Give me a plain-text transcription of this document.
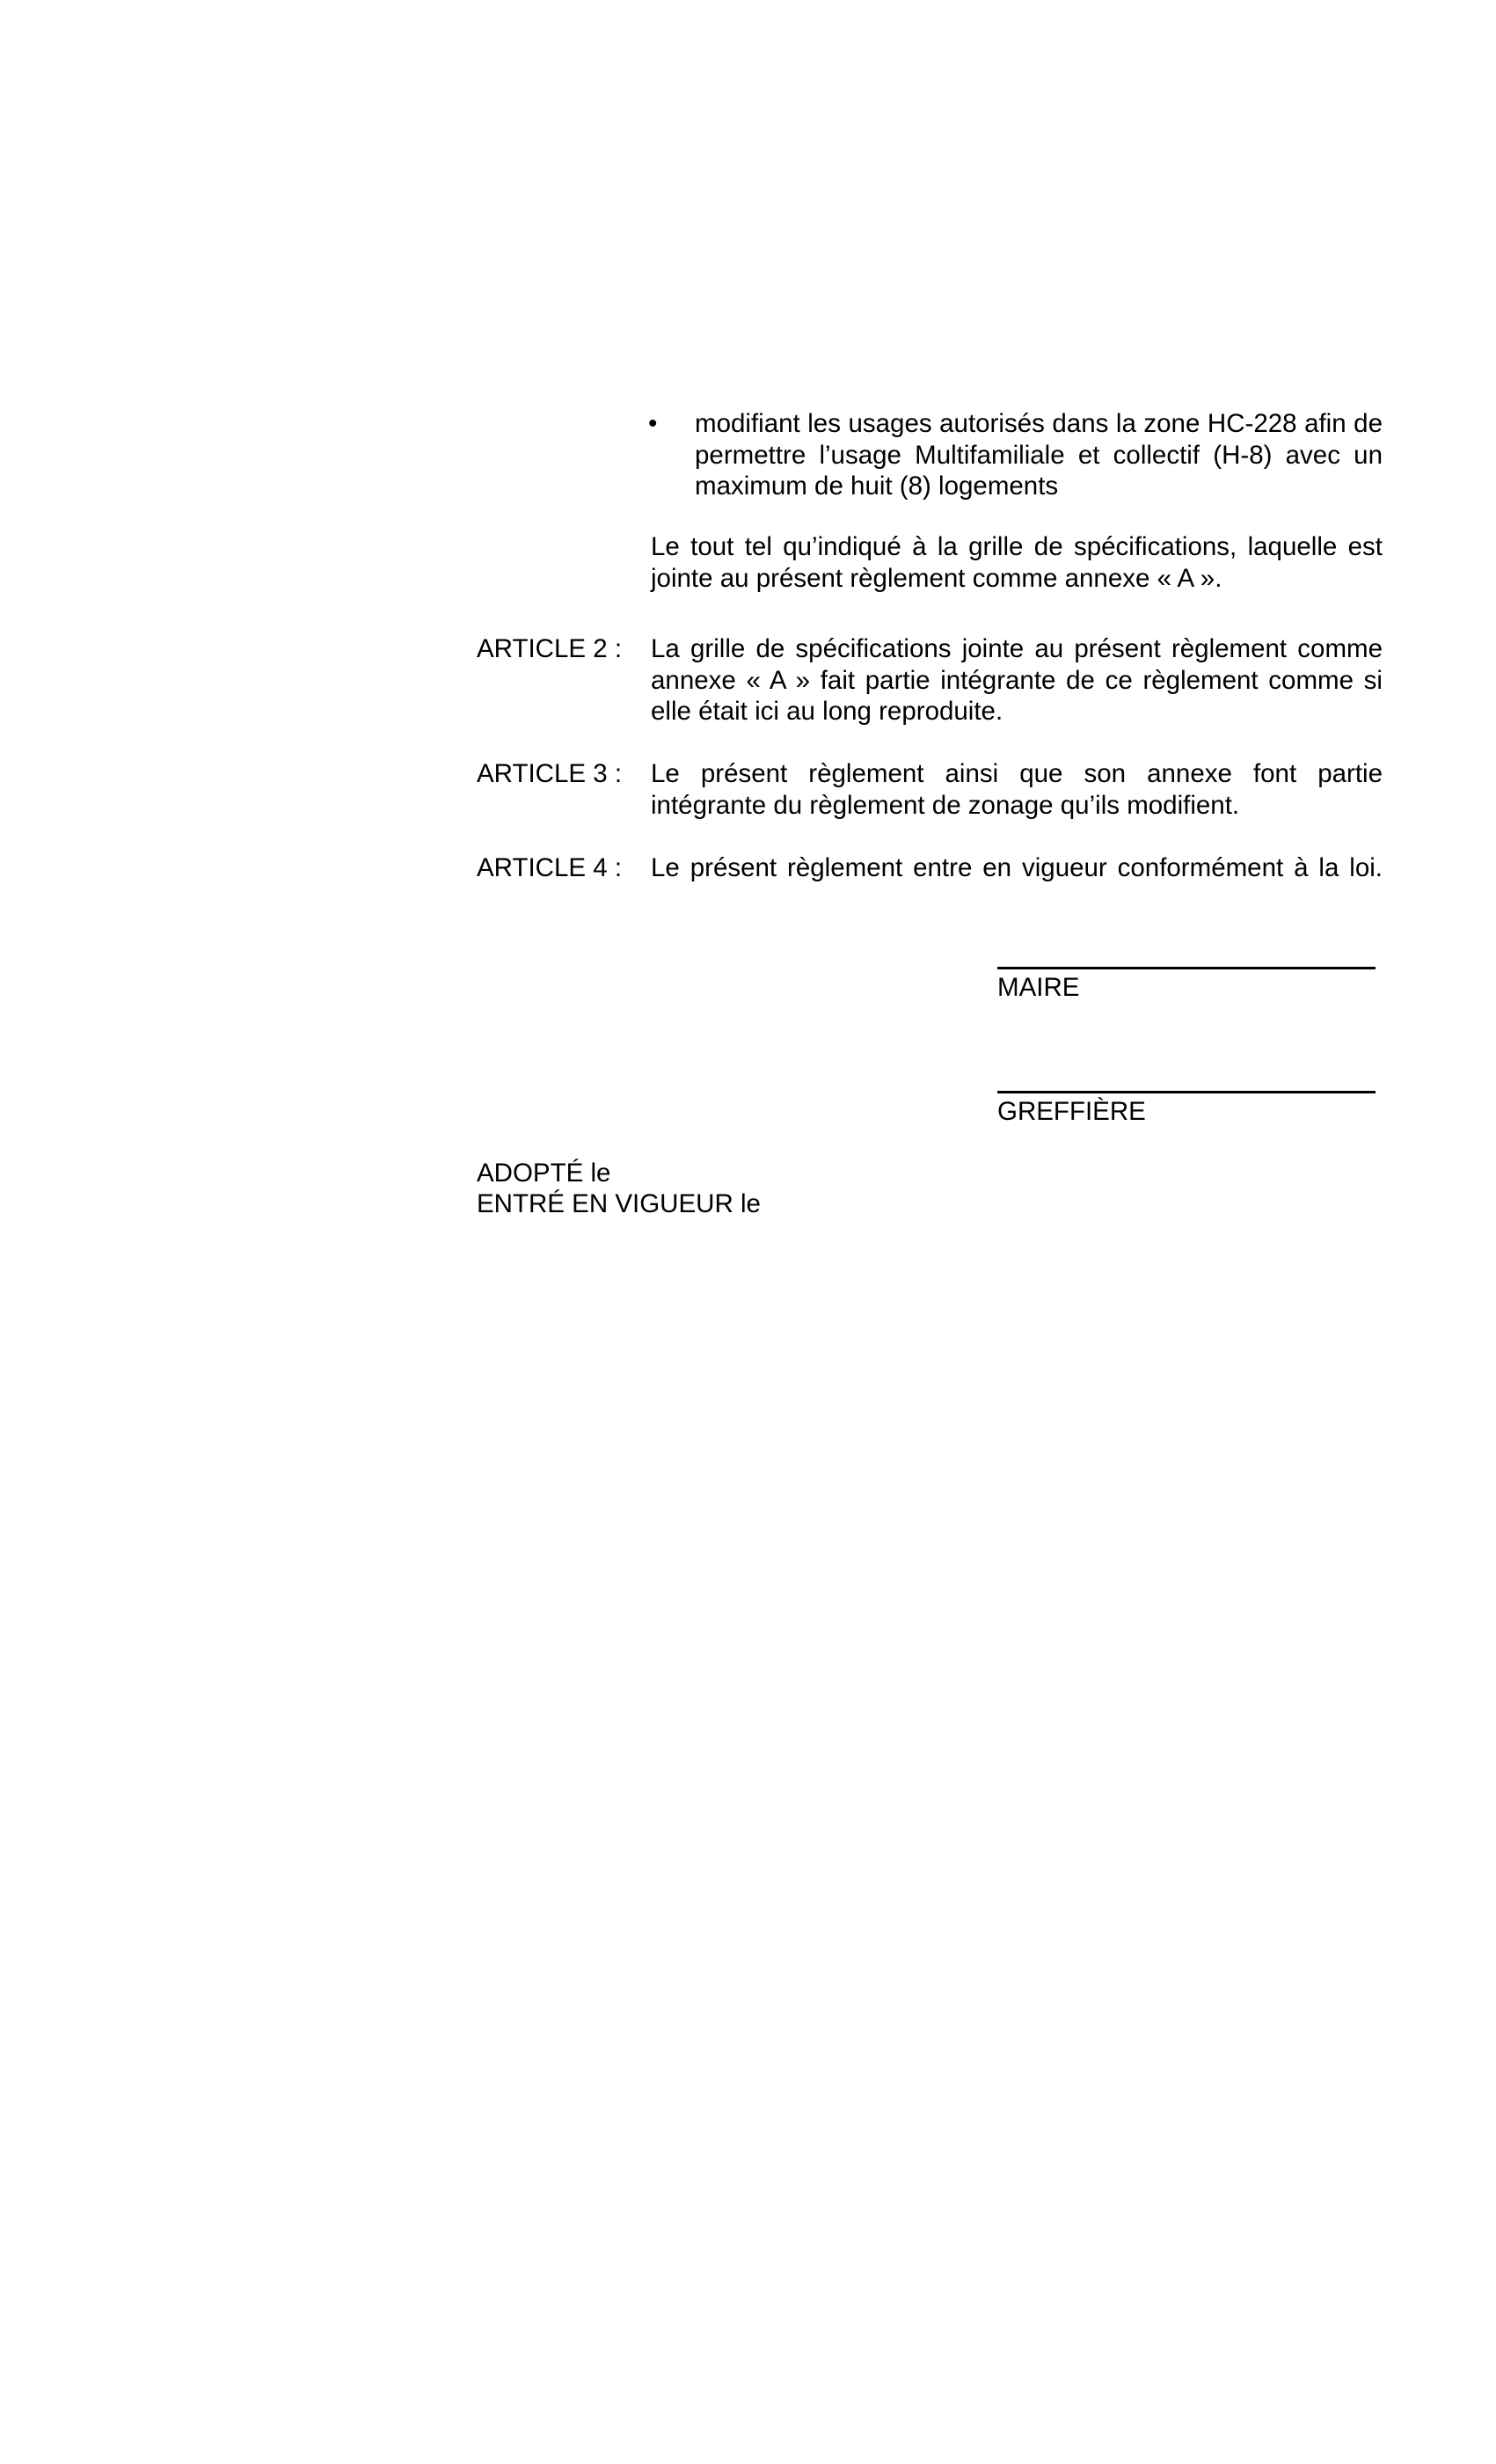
•	modifiant les usages autorisés dans la zone HC-228 afin de permettre l’usage Multifamiliale et collectif (H-8) avec un maximum de huit (8) logements
Le tout tel qu’indiqué à la grille de spécifications, laquelle est jointe au présent règlement comme annexe « A ».
ARTICLE 2 : La grille de spécifications jointe au présent règlement comme annexe « A » fait partie intégrante de ce règlement comme si elle était ici au long reproduite.
ARTICLE 3 : Le présent règlement ainsi que son annexe font partie intégrante du règlement de zonage qu’ils modifient.
ARTICLE 4 : Le présent règlement entre en vigueur conformément à la loi.
MAIRE
GREFFIÈRE
ADOPTÉ le
ENTRÉ EN VIGUEUR le
